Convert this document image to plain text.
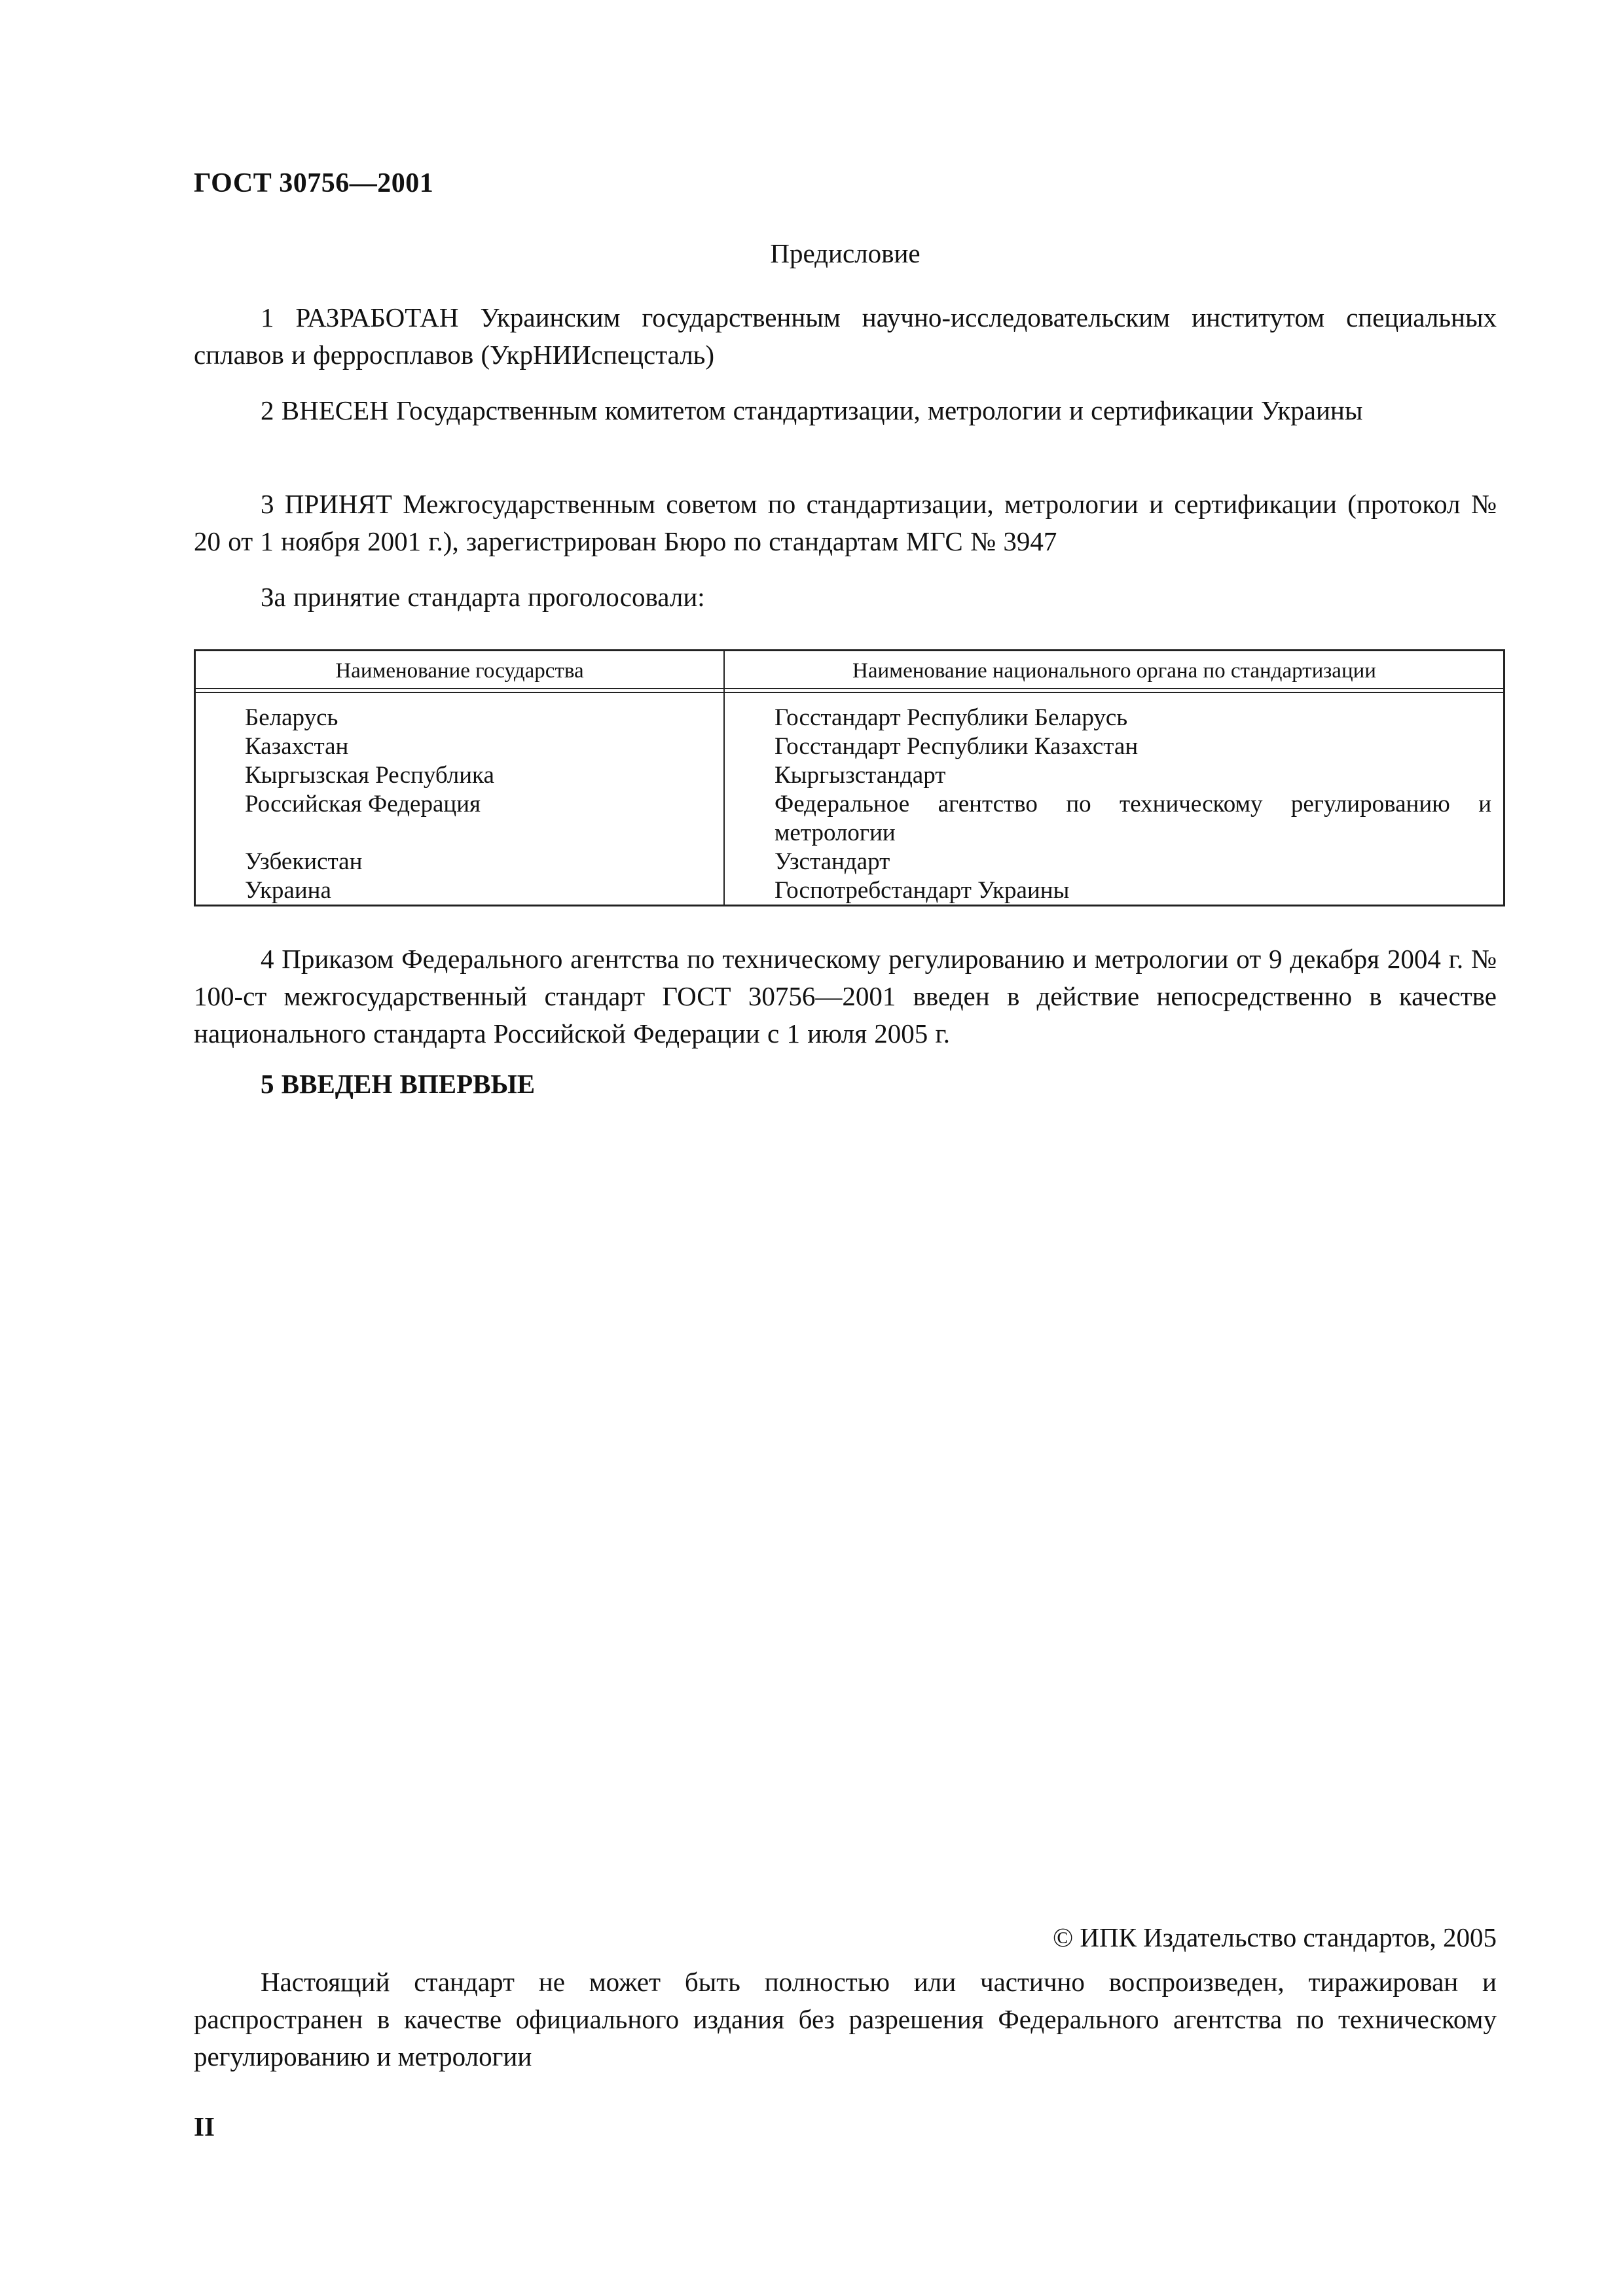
ГОСТ 30756—2001
Предисловие
1 РАЗРАБОТАН Украинским государственным научно-исследовательским институтом специальных сплавов и ферросплавов (УкрНИИспецсталь)
2 ВНЕСЕН Государственным комитетом стандартизации, метрологии и сертификации Украины
3 ПРИНЯТ Межгосударственным советом по стандартизации, метрологии и сертификации (протокол № 20 от 1 ноября 2001 г.), зарегистрирован Бюро по стандартам МГС № 3947
За принятие стандарта проголосовали:
Наименование государства	Наименование национального органа по стандартизации
Беларусь	Госстандарт Республики Беларусь
Казахстан	Госстандарт Республики Казахстан
Кыргызская Республика	Кыргызстандарт
Российская Федерация	Федеральное агентство по техническому регулированию и метрологии
Узбекистан	Узстандарт
Украина	Госпотребстандарт Украины
4 Приказом Федерального агентства по техническому регулированию и метрологии от 9 декабря 2004 г. № 100-ст межгосударственный стандарт ГОСТ 30756—2001 введен в действие непосредственно в качестве национального стандарта Российской Федерации с 1 июля 2005 г.
5 ВВЕДЕН ВПЕРВЫЕ
© ИПК Издательство стандартов, 2005
Настоящий стандарт не может быть полностью или частично воспроизведен, тиражирован и распространен в качестве официального издания без разрешения Федерального агентства по техническому регулированию и метрологии
II
